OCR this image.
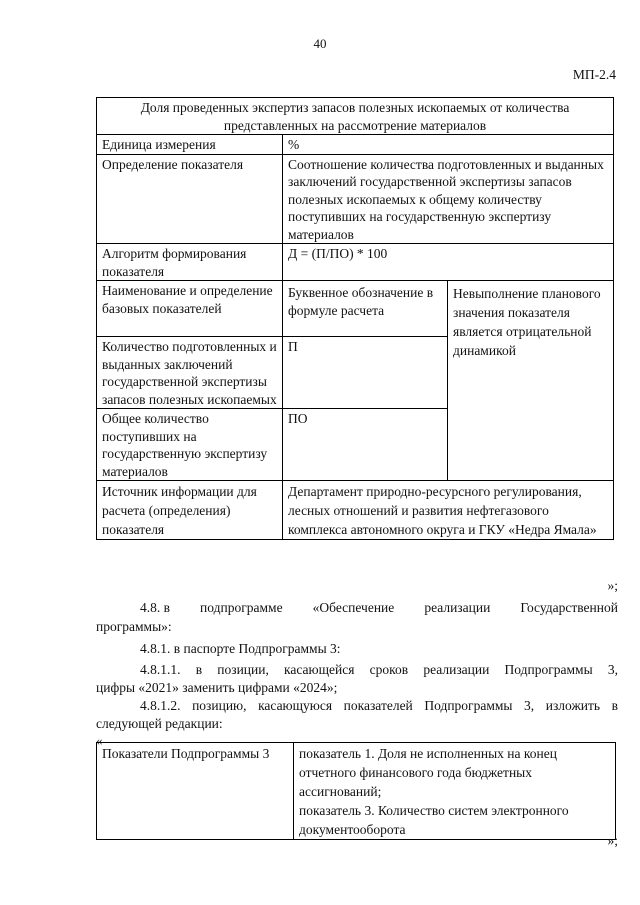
40
МП-2.4
Доля проведенных экспертиз запасов полезных ископаемых от количества представленных на рассмотрение материалов		
Единица измерения	%	
Определение показателя	Соотношение количества подготовленных и выданных заключений государственной экспертизы запасов полезных ископаемых к общему количеству поступивших на государственную экспертизу материалов	
Алгоритм формирования показателя	Д = (П/ПО) * 100	
Наименование и определение базовых показателей	Буквенное обозначение в формуле расчета	Невыполнение планового значения показателя является отрицательной динамикой
Количество подготовленных и выданных заключений государственной экспертизы запасов полезных ископаемых	П	
Общее количество поступивших на государственную экспертизу материалов	ПО	
Источник информации для расчета (определения) показателя	Департамент природно-ресурсного регулирования, лесных отношений и развития нефтегазового комплекса автономного округа и ГКУ «Недра Ямала»	
»;
4.8. в подпрограмме «Обеспечение реализации Государственной
программы»:
4.8.1. в паспорте Подпрограммы 3:
4.8.1.1. в позиции, касающейся сроков реализации Подпрограммы 3,
цифры «2021» заменить цифрами «2024»;
4.8.1.2. позицию, касающуюся показателей Подпрограммы 3, изложить в
следующей редакции:
«
Показатели Подпрограммы 3	показатель 1. Доля не исполненных на конец отчетного финансового года бюджетных ассигнований;
показатель 3. Количество систем электронного документооборота
»;
